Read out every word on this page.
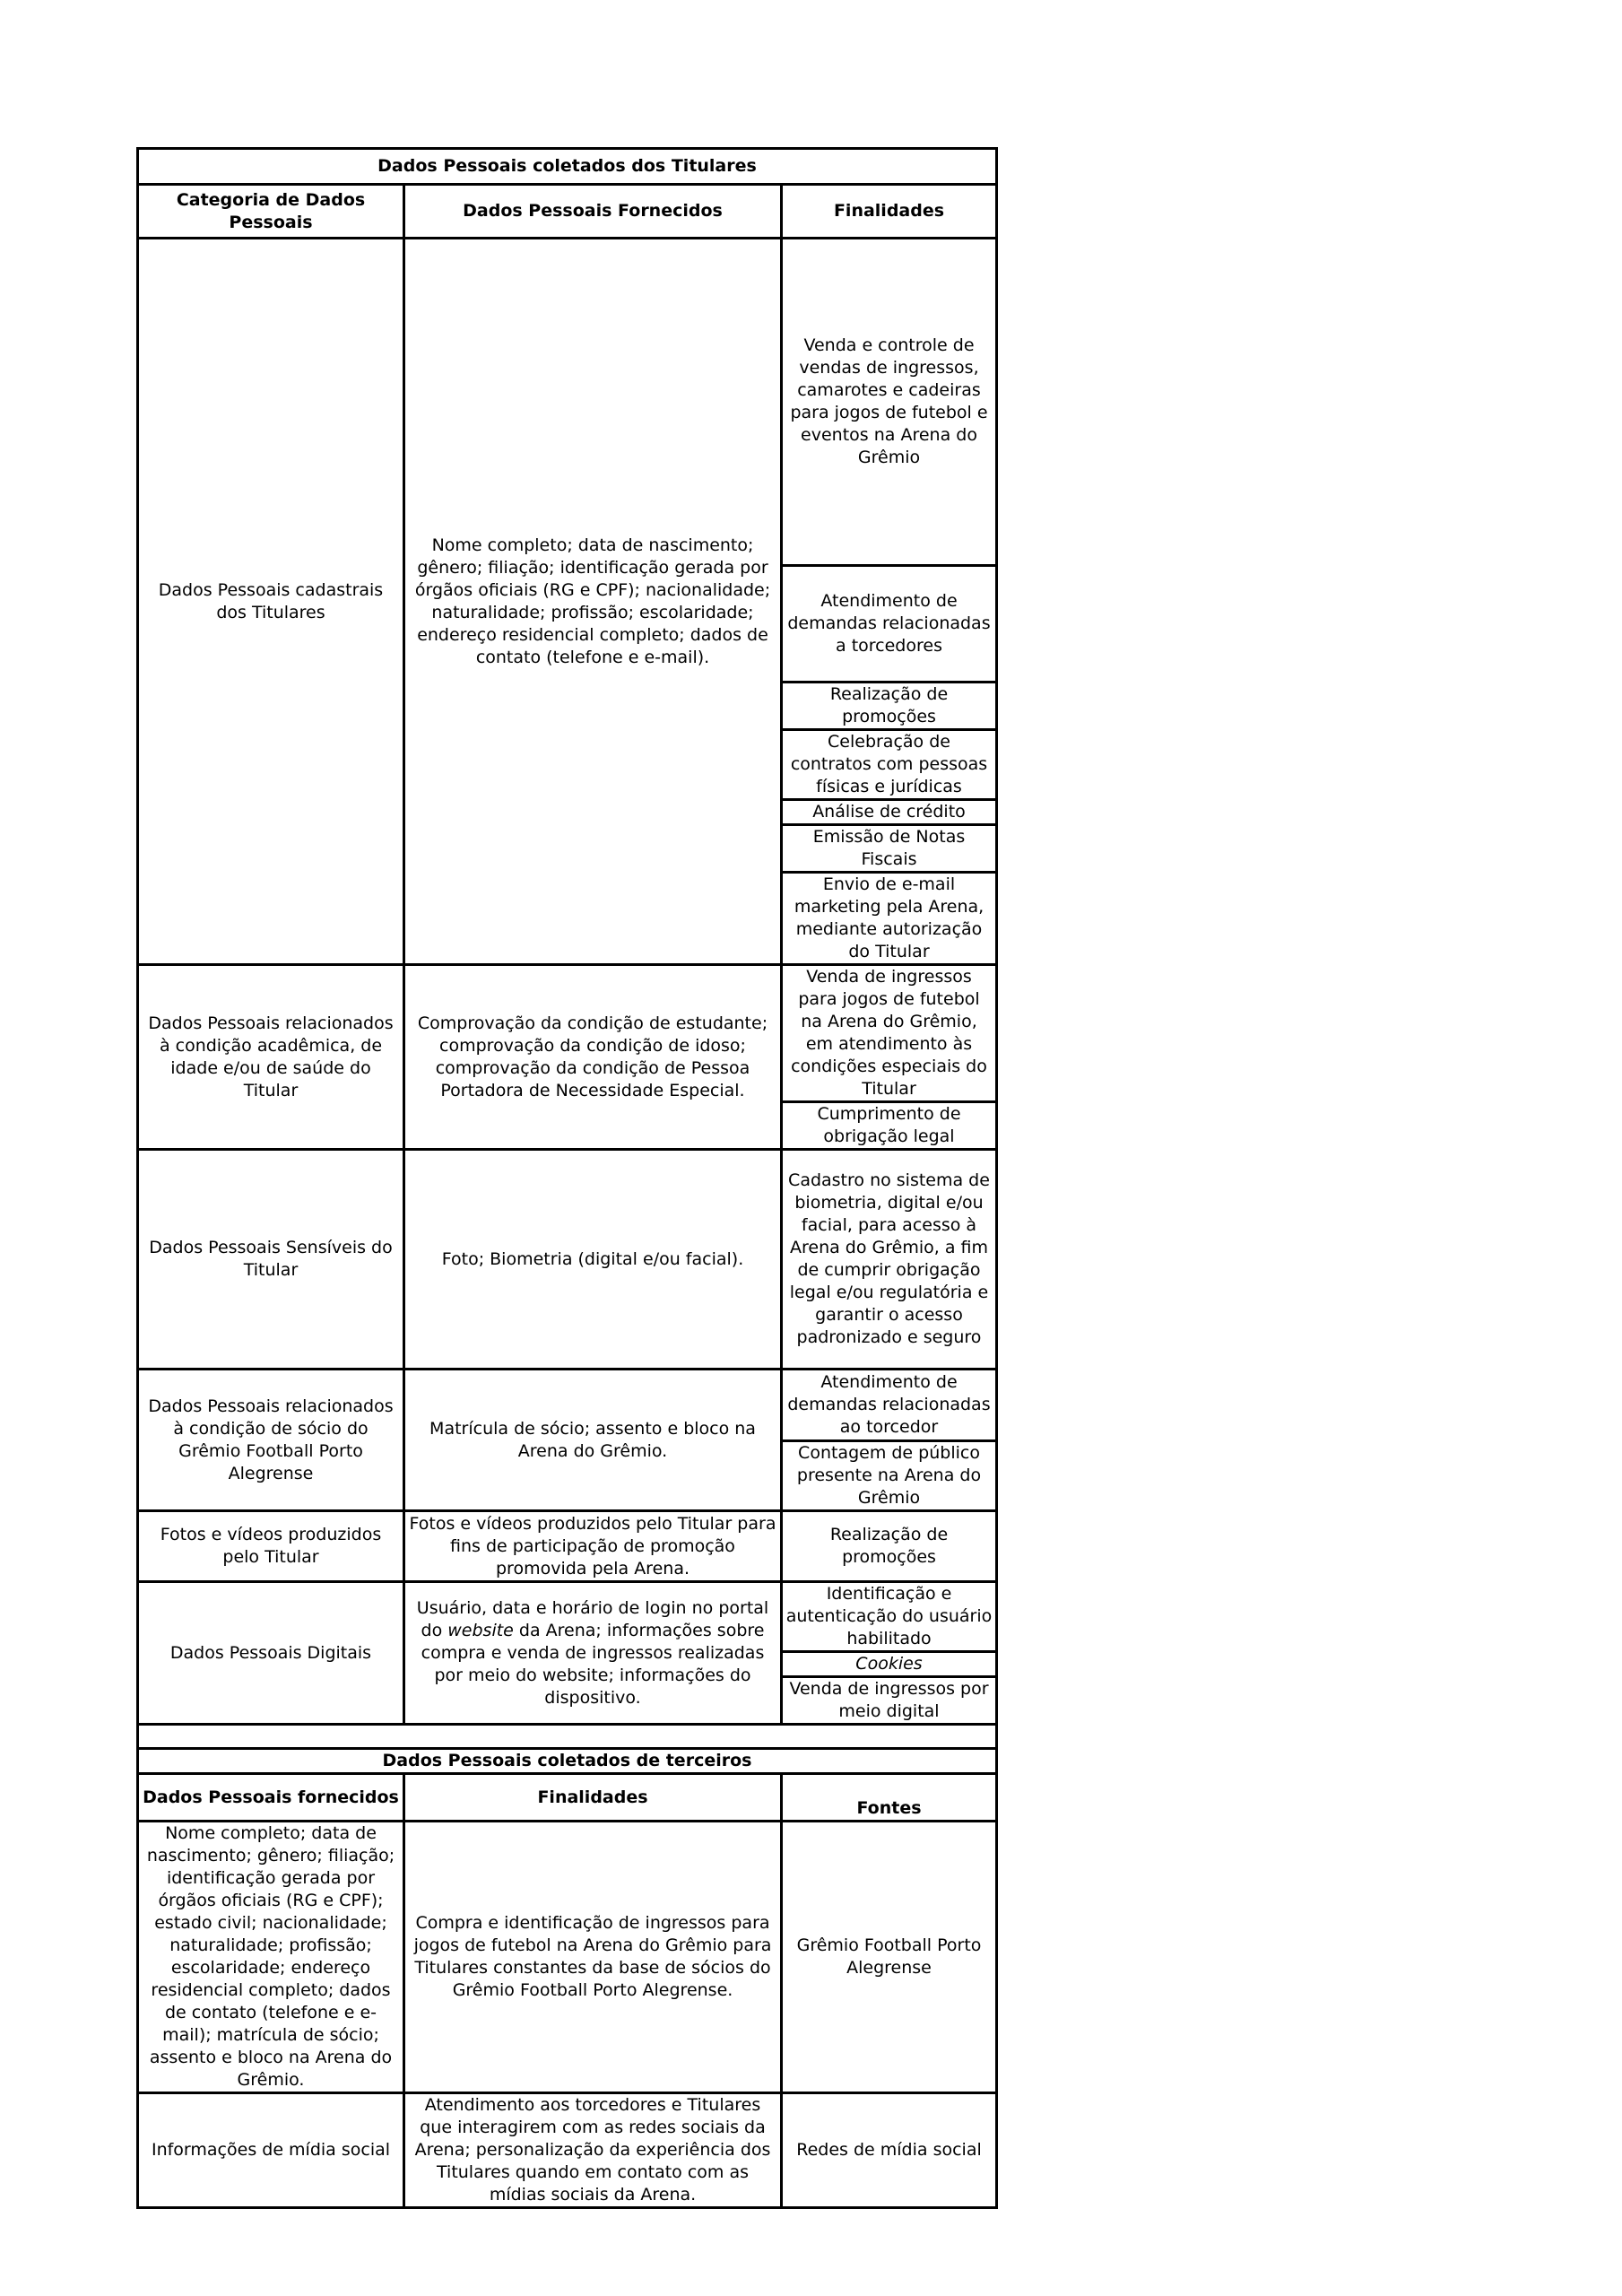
Dados Pessoais coletados dos Titulares		
Categoria de Dados Pessoais	Dados Pessoais Fornecidos	Finalidades
Dados Pessoais cadastrais dos Titulares	Nome completo; data de nascimento; gênero; filiação; identificação gerada por órgãos oficiais (RG e CPF); nacionalidade; naturalidade; profissão; escolaridade; endereço residencial completo; dados de contato (telefone e e-mail).	Venda e controle de vendas de ingressos, camarotes e cadeiras para jogos de futebol e eventos na Arena do Grêmio
		Atendimento de demandas relacionadas a torcedores
		Realização de promoções
		Celebração de contratos com pessoas físicas e jurídicas
		Análise de crédito
		Emissão de Notas Fiscais
		Envio de e-mail marketing pela Arena, mediante autorização do Titular
Dados Pessoais relacionados à condição acadêmica, de idade e/ou de saúde do Titular	Comprovação da condição de estudante; comprovação da condição de idoso; comprovação da condição de Pessoa Portadora de Necessidade Especial.	Venda de ingressos para jogos de futebol na Arena do Grêmio, em atendimento às condições especiais do Titular
		Cumprimento de obrigação legal
Dados Pessoais Sensíveis do Titular	Foto; Biometria (digital e/ou facial).	Cadastro no sistema de biometria, digital e/ou facial, para acesso à Arena do Grêmio, a fim de cumprir obrigação legal e/ou regulatória e garantir o acesso padronizado e seguro
Dados Pessoais relacionados à condição de sócio do Grêmio Football Porto Alegrense	Matrícula de sócio; assento e bloco na Arena do Grêmio.	Atendimento de demandas relacionadas ao torcedor
		Contagem de público presente na Arena do Grêmio
Fotos e vídeos produzidos pelo Titular	Fotos e vídeos produzidos pelo Titular para fins de participação de promoção promovida pela Arena.	Realização de promoções
Dados Pessoais Digitais	Usuário, data e horário de login no portal do website da Arena; informações sobre compra e venda de ingressos realizadas por meio do website; informações do dispositivo.	Identificação e autenticação do usuário habilitado
		Cookies
		Venda de ingressos por meio digital

Dados Pessoais coletados de terceiros		
Dados Pessoais fornecidos	Finalidades	Fontes
Nome completo; data de nascimento; gênero; filiação; identificação gerada por órgãos oficiais (RG e CPF); estado civil; nacionalidade; naturalidade; profissão; escolaridade; endereço residencial completo; dados de contato (telefone e e-mail); matrícula de sócio; assento e bloco na Arena do Grêmio.	Compra e identificação de ingressos para jogos de futebol na Arena do Grêmio para Titulares constantes da base de sócios do Grêmio Football Porto Alegrense.	Grêmio Football Porto Alegrense
Informações de mídia social	Atendimento aos torcedores e Titulares que interagirem com as redes sociais da Arena; personalização da experiência dos Titulares quando em contato com as mídias sociais da Arena.	Redes de mídia social
